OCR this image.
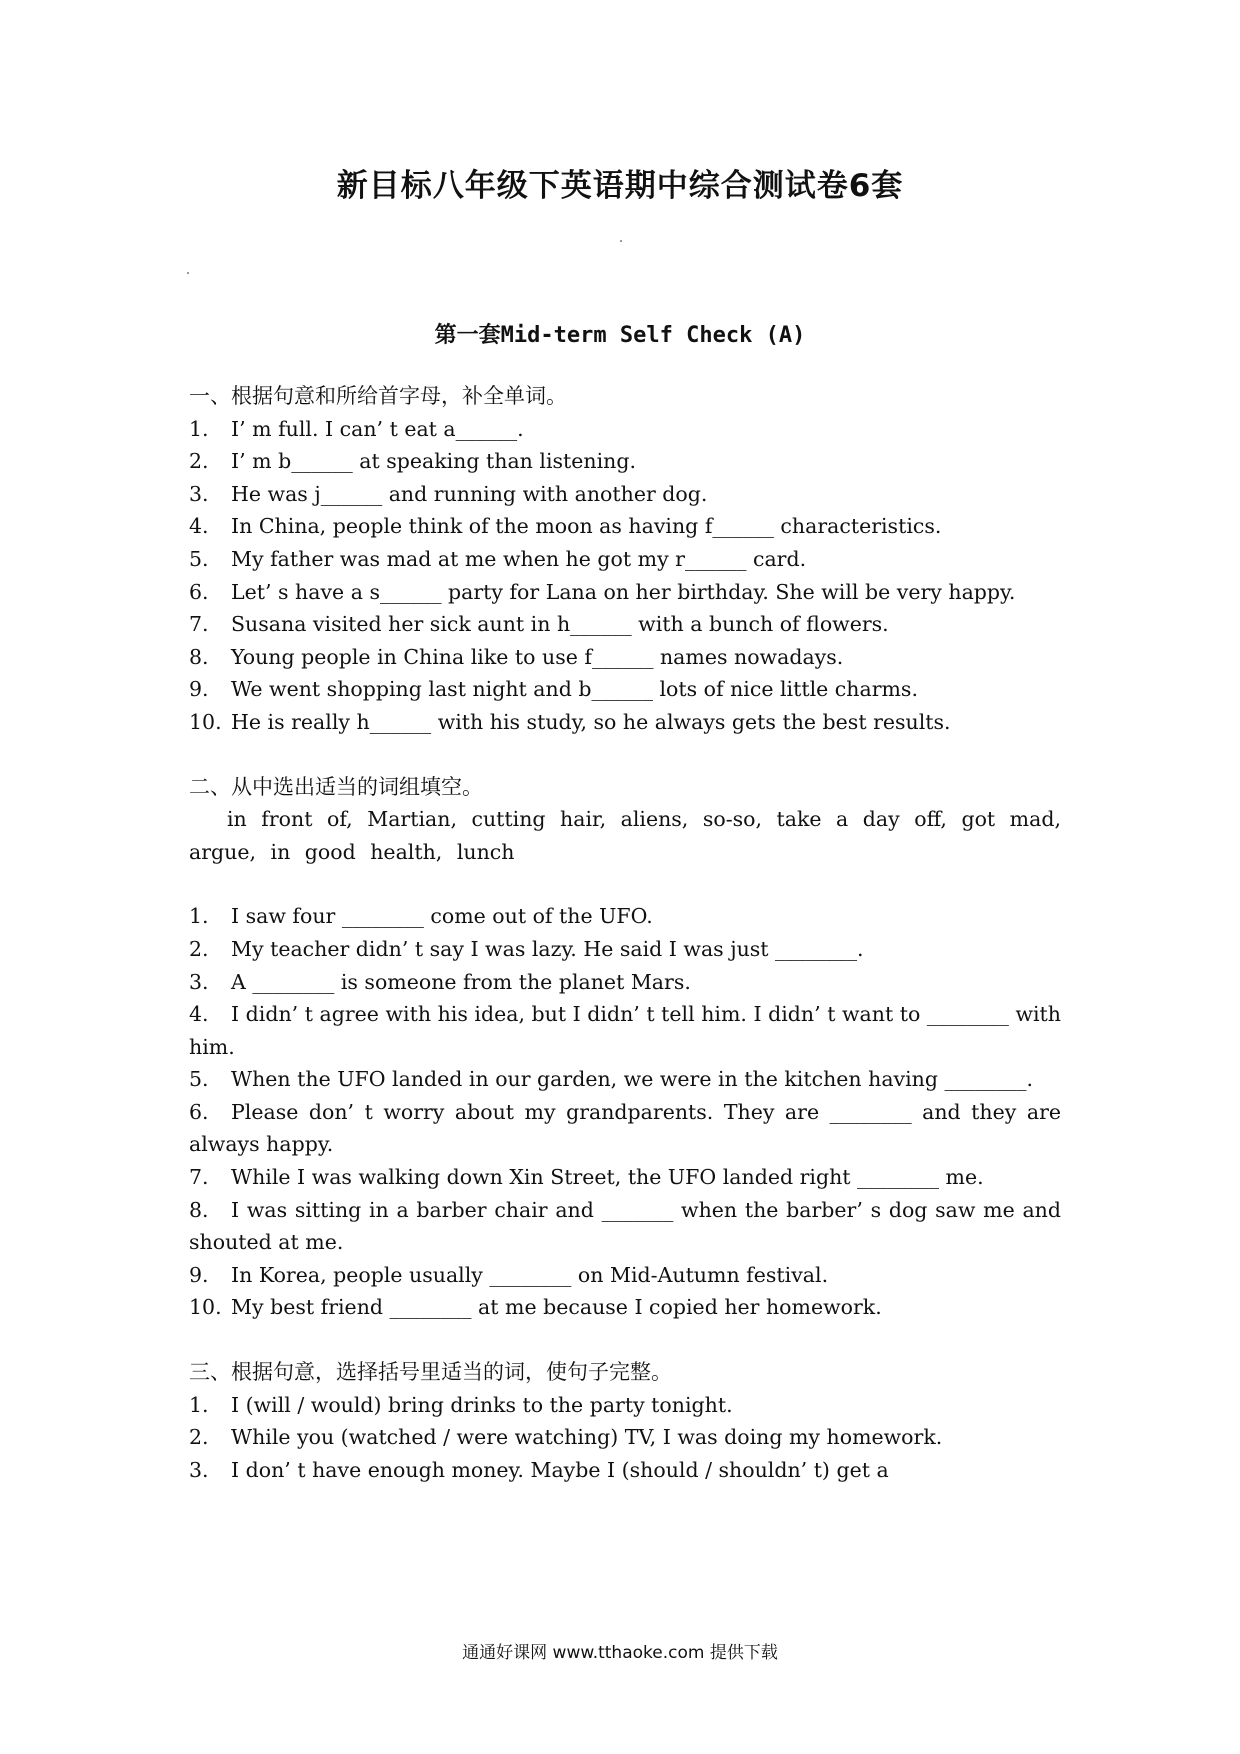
新目标八年级下英语期中综合测试卷6套
第一套Mid-term Self Check (A)
一、根据句意和所给首字母，补全单词。
1. I’ m full. I can’ t eat a______.
2. I’ m b______ at speaking than listening.
3. He was j______ and running with another dog.
4. In China, people think of the moon as having f______ characteristics.
5. My father was mad at me when he got my r______ card.
6. Let’ s have a s______ party for Lana on her birthday. She will be very happy.
7. Susana visited her sick aunt in h______ with a bunch of flowers.
8. Young people in China like to use f______ names nowadays.
9. We went shopping last night and b______ lots of nice little charms.
10. He is really h______ with his study, so he always gets the best results.
二、从中选出适当的词组填空。
in front of, Martian, cutting hair, aliens, so-so, take a day off, got mad, argue, in good health, lunch
1. I saw four ________ come out of the UFO.
2. My teacher didn’ t say I was lazy. He said I was just ________.
3. A ________ is someone from the planet Mars.
4. I didn’ t agree with his idea, but I didn’ t tell him. I didn’ t want to ________ with him.
5. When the UFO landed in our garden, we were in the kitchen having ________.
6. Please don’ t worry about my grandparents. They are ________ and they are always happy.
7. While I was walking down Xin Street, the UFO landed right ________ me.
8. I was sitting in a barber chair and _______ when the barber’ s dog saw me and shouted at me.
9. In Korea, people usually ________ on Mid-Autumn festival.
10. My best friend ________ at me because I copied her homework.
三、根据句意，选择括号里适当的词，使句子完整。
1. I (will / would) bring drinks to the party tonight.
2. While you (watched / were watching) TV, I was doing my homework.
3. I don’ t have enough money. Maybe I (should / shouldn’ t) get a
通通好课网 www.tthaoke.com 提供下载
